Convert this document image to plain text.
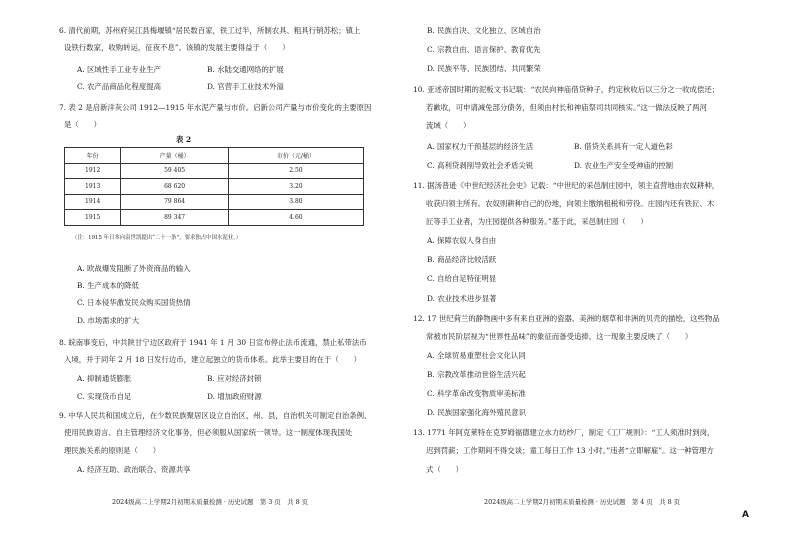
6. 清代前期，苏州府吴江县梅堰镇“居民数百家，铁工过半，所制农具、粗具行销苏松；镇上
设铁行数家，收购转运，征夜不息”。该镇的发展主要得益于（　　）
A. 区域性手工业专业生产	B. 水陆交通网络的扩展
C. 农产品商品化程度提高	D. 官营手工业技术外溢
7. 表 2 是启新洋灰公司 1912—1915 年水泥产量与市价。启新公司产量与市价变化的主要原因
是（　　）
表 2
年份	产量（桶）	市价（元/桶）
1912	59 405	2.50
1913	68 620	3.20
1914	79 864	3.80
1915	89 347	4.60
（注：1915 年日本向袁世凯提出“二十一条”，要求独占中国水泥业。）
A. 欧战爆发阻断了外资商品的输入
B. 生产成本的降低
C. 日本侵华激发民众购买国货热情
D. 市场需求的扩大
8. 皖南事变后，中共陕甘宁边区政府于 1941 年 1 月 30 日宣布停止法币流通，禁止私带法币
入境，并于同年 2 月 18 日发行边币，建立起独立的货币体系。此举主要目的在于（　　）
A. 抑制通货膨胀	B. 应对经济封锁
C. 实现货币自足	D. 增加政府财源
9. 中华人民共和国成立后，在少数民族聚居区设立自治区、州、县，自治机关可制定自治条例、
使用民族语言、自主管理经济文化事务，但必须服从国家统一领导。这一制度体现我国处
理民族关系的原则是（　　）
A. 经济互助、政治联合、资源共享
2024级高二上学期2月初期末质量检测 · 历史试题　第 3 页　共 8 页
B. 民族自决、文化独立、区域自治
C. 宗教自由、语言保护、教育优先
D. 民族平等、民族团结、共同繁荣
10. 亚述帝国时期的泥板文书记载：“农民向神庙借贷种子，约定秋收后以三分之一收成偿还；
若歉收，可申请减免部分债务，但须由村长和神庙祭司共同核实。”这一做法反映了两河
流域（　　）
A. 国家权力干预基层的经济生活	B. 借贷关系具有一定人道色彩
C. 高利贷剥削导致社会矛盾尖锐	D. 农业生产安全受神庙的控制
11. 据汤普逊《中世纪经济社会史》记载：“中世纪的采邑制庄园中，领主直营地由农奴耕种，
收获归领主所有。农奴则耕种自己的份地，向领主缴纳租税和劳役。庄园内还有铁匠、木
匠等手工业者，为庄园提供各种服务。”基于此，采邑制庄园（　　）
A. 保障农奴人身自由
B. 商品经济比较活跃
C. 自给自足特征明显
D. 农业技术进步显著
12. 17 世纪荷兰的静物画中多有来自亚洲的瓷器、美洲的烟草和非洲的贝壳的描绘，这些物品
常被市民阶层视为“世界性品味”的象征而备受追捧。这一现象主要反映了（　　）
A. 全球贸易重塑社会文化认同
B. 宗教改革推动世俗生活兴起
C. 科学革命改变物质审美标准
D. 民族国家强化海外殖民意识
13. 1771 年阿克莱特在克罗姆福德建立水力纺纱厂，制定《工厂规则》：“工人须准时到岗，
迟到罚薪；工作期间不得交谈；童工每日工作 13 小时。”违者“立即解雇”。这一种管理方
式（　　）
2024级高二上学期2月初期末质量检测 · 历史试题　第 4 页　共 8 页
A
